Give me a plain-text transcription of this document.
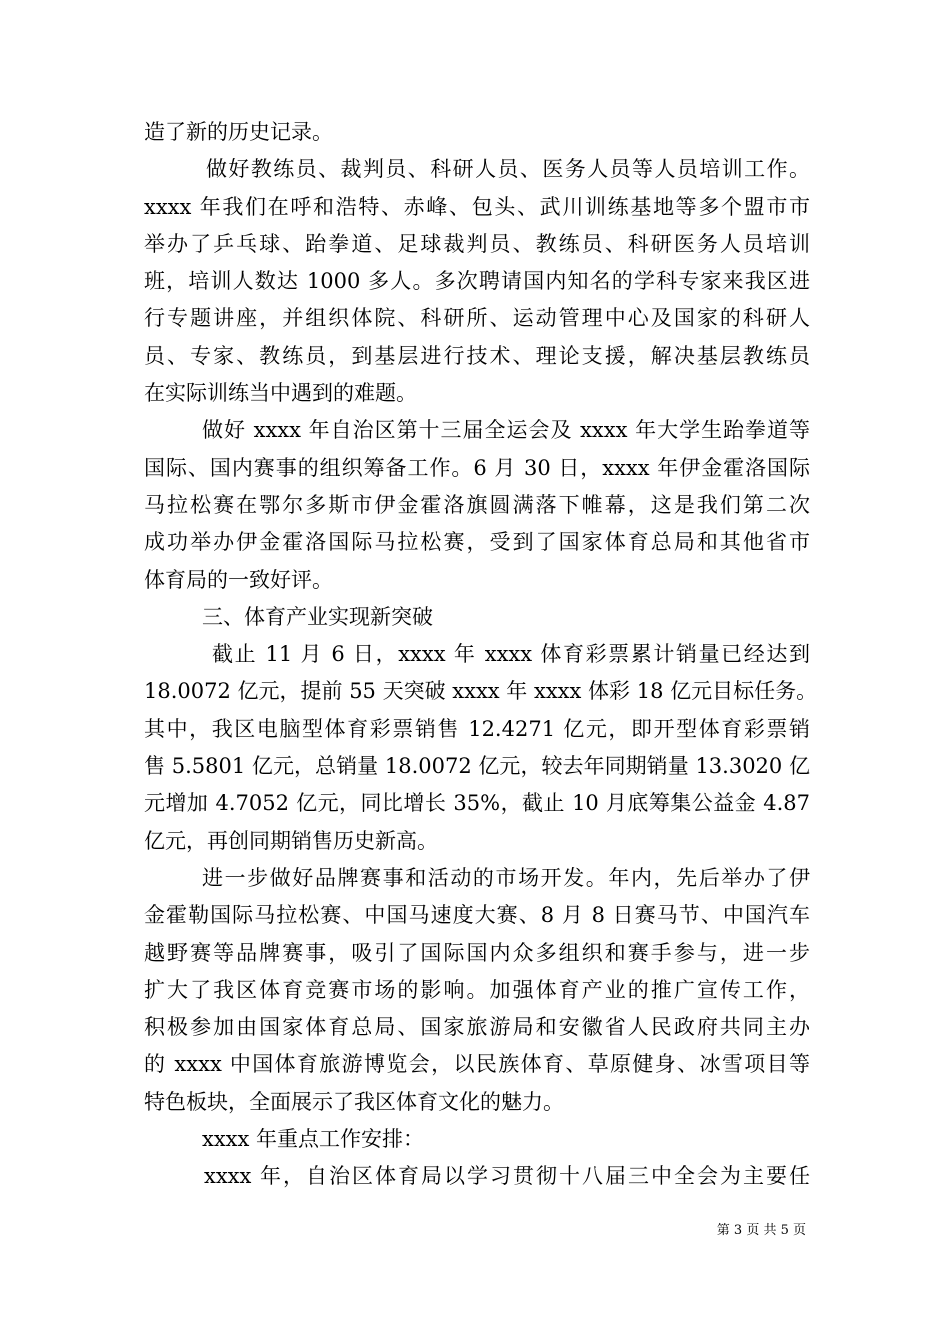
造了新的历史记录。
做好教练员、裁判员、科研人员、医务人员等人员培训工作。
xxxx 年我们在呼和浩特、赤峰、包头、武川训练基地等多个盟市市
举办了乒乓球、跆拳道、足球裁判员、教练员、科研医务人员培训
班，培训人数达 1000 多人。多次聘请国内知名的学科专家来我区进
行专题讲座，并组织体院、科研所、运动管理中心及国家的科研人
员、专家、教练员，到基层进行技术、理论支援，解决基层教练员
在实际训练当中遇到的难题。
做好 xxxx 年自治区第十三届全运会及 xxxx 年大学生跆拳道等
国际、国内赛事的组织筹备工作。6 月 30 日，xxxx 年伊金霍洛国际
马拉松赛在鄂尔多斯市伊金霍洛旗圆满落下帷幕，这是我们第二次
成功举办伊金霍洛国际马拉松赛，受到了国家体育总局和其他省市
体育局的一致好评。
三、体育产业实现新突破
截止 11 月 6 日，xxxx 年 xxxx 体育彩票累计销量已经达到
18.0072 亿元，提前 55 天突破 xxxx 年 xxxx 体彩 18 亿元目标任务。
其中，我区电脑型体育彩票销售 12.4271 亿元，即开型体育彩票销
售 5.5801 亿元，总销量 18.0072 亿元，较去年同期销量 13.3020 亿
元增加 4.7052 亿元，同比增长 35%，截止 10 月底筹集公益金 4.87
亿元，再创同期销售历史新高。
进一步做好品牌赛事和活动的市场开发。年内，先后举办了伊
金霍勒国际马拉松赛、中国马速度大赛、8 月 8 日赛马节、中国汽车
越野赛等品牌赛事，吸引了国际国内众多组织和赛手参与，进一步
扩大了我区体育竞赛市场的影响。加强体育产业的推广宣传工作，
积极参加由国家体育总局、国家旅游局和安徽省人民政府共同主办
的 xxxx 中国体育旅游博览会，以民族体育、草原健身、冰雪项目等
特色板块，全面展示了我区体育文化的魅力。
xxxx 年重点工作安排：
xxxx 年，自治区体育局以学习贯彻十八届三中全会为主要任
第 3 页 共 5 页
